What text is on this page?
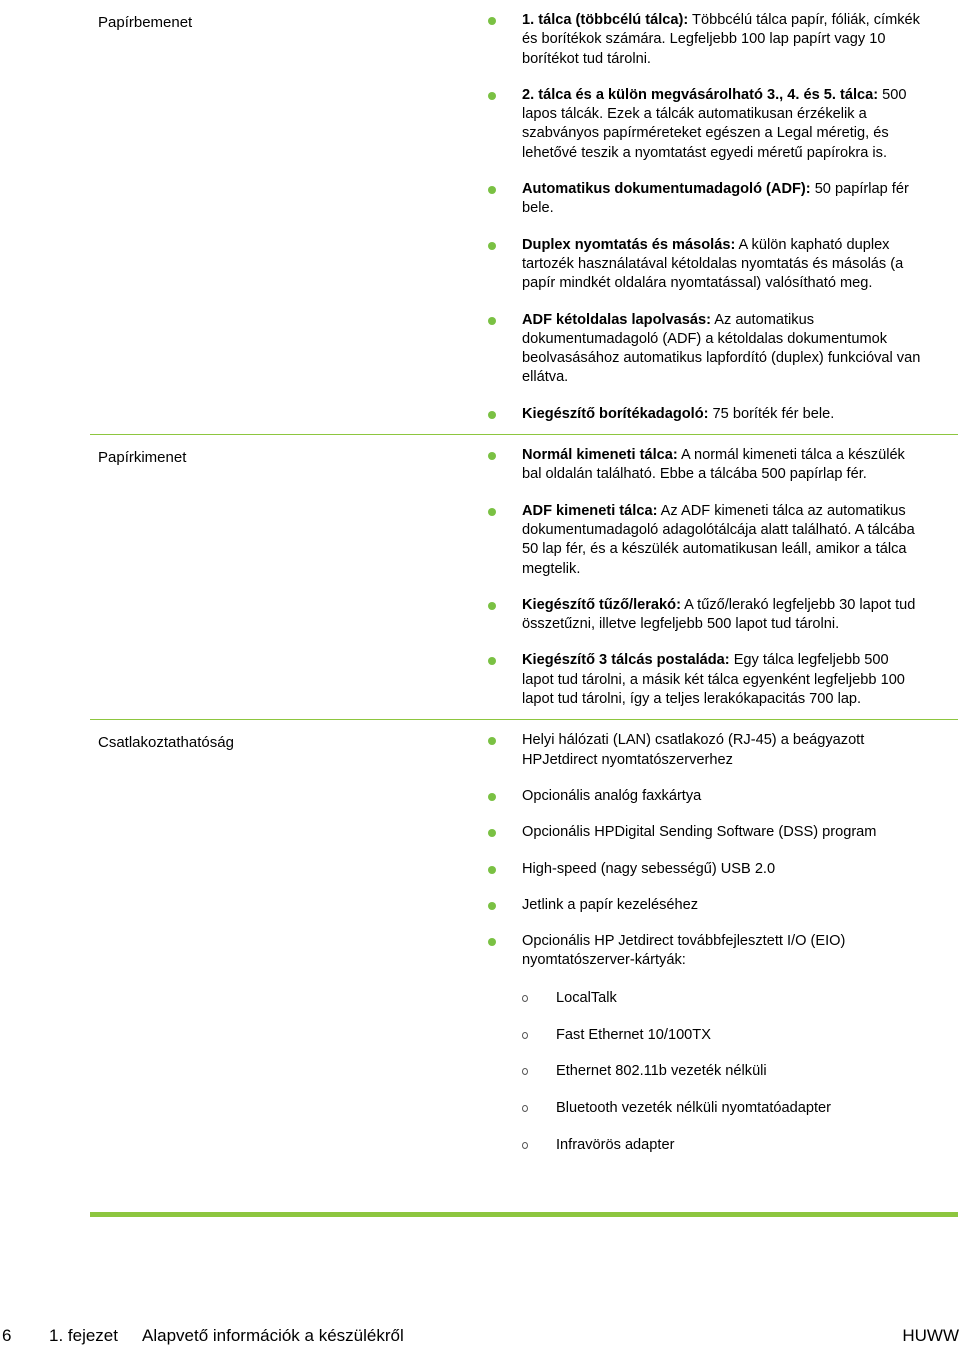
Papírbemenet	1. tálca (többcélú tálca): Többcélú tálca papír, fóliák, címkék és borítékok számára. Legfeljebb 100 lap papírt vagy 10 borítékot tud tárolni.
2. tálca és a külön megvásárolható 3., 4. és 5. tálca: 500 lapos tálcák. Ezek a tálcák automatikusan érzékelik a szabványos papírméreteket egészen a Legal méretig, és lehetővé teszik a nyomtatást egyedi méretű papírokra is.
Automatikus dokumentumadagoló (ADF): 50 papírlap fér bele.
Duplex nyomtatás és másolás: A külön kapható duplex tartozék használatával kétoldalas nyomtatás és másolás (a papír mindkét oldalára nyomtatással) valósítható meg.
ADF kétoldalas lapolvasás: Az automatikus dokumentumadagoló (ADF) a kétoldalas dokumentumok beolvasásához automatikus lapfordító (duplex) funkcióval van ellátva.
Kiegészítő borítékadagoló: 75 boríték fér bele.
Papírkimenet	Normál kimeneti tálca: A normál kimeneti tálca a készülék bal oldalán található. Ebbe a tálcába 500 papírlap fér.
ADF kimeneti tálca: Az ADF kimeneti tálca az automatikus dokumentumadagoló adagolótálcája alatt található. A tálcába 50 lap fér, és a készülék automatikusan leáll, amikor a tálca megtelik.
Kiegészítő tűző/lerakó: A tűző/lerakó legfeljebb 30 lapot tud összetűzni, illetve legfeljebb 500 lapot tud tárolni.
Kiegészítő 3 tálcás postaláda: Egy tálca legfeljebb 500 lapot tud tárolni, a másik két tálca egyenként legfeljebb 100 lapot tud tárolni, így a teljes lerakókapacitás 700 lap.
Csatlakoztathatóság	Helyi hálózati (LAN) csatlakozó (RJ-45) a beágyazott HPJetdirect nyomtatószerverhez
Opcionális analóg faxkártya
Opcionális HPDigital Sending Software (DSS) program
High-speed (nagy sebességű) USB 2.0
Jetlink a papír kezeléséhez
Opcionális HP Jetdirect továbbfejlesztett I/O (EIO) nyomtatószerver-kártyák:
LocalTalk
Fast Ethernet 10/100TX
Ethernet 802.11b vezeték nélküli
Bluetooth vezeték nélküli nyomtatóadapter
Infravörös adapter
6 1. fejezet Alapvető információk a készülékről	HUWW
